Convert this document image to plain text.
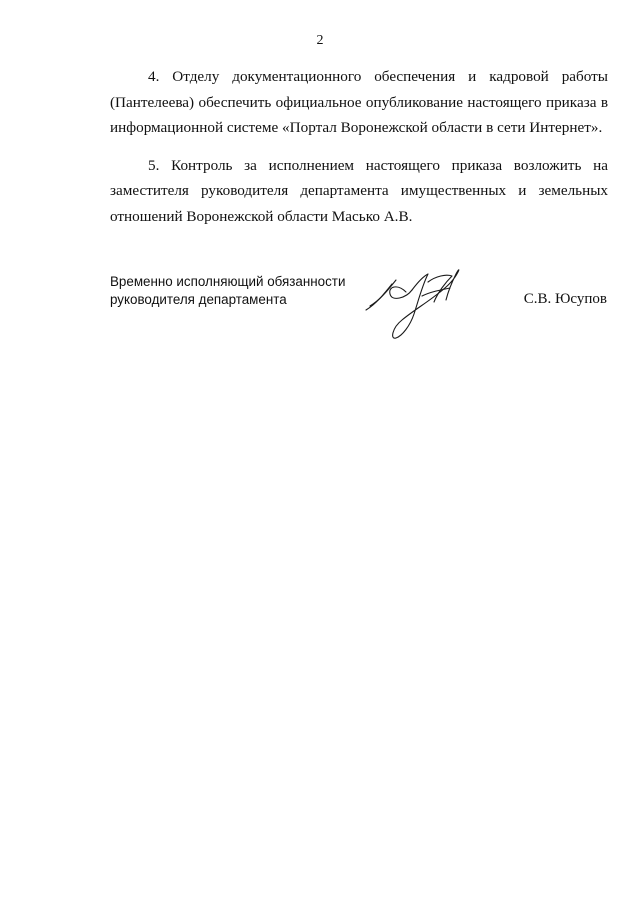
2

4. Отделу документационного обеспечения и кадровой работы (Пантелеева) обеспечить официальное опубликование настоящего приказа в информационной системе «Портал Воронежской области в сети Интернет».

5. Контроль за исполнением настоящего приказа возложить на заместителя руководителя департамента имущественных и земельных отношений Воронежской области Масько А.В.

Временно исполняющий обязанности
руководителя департамента	С.В. Юсупов
